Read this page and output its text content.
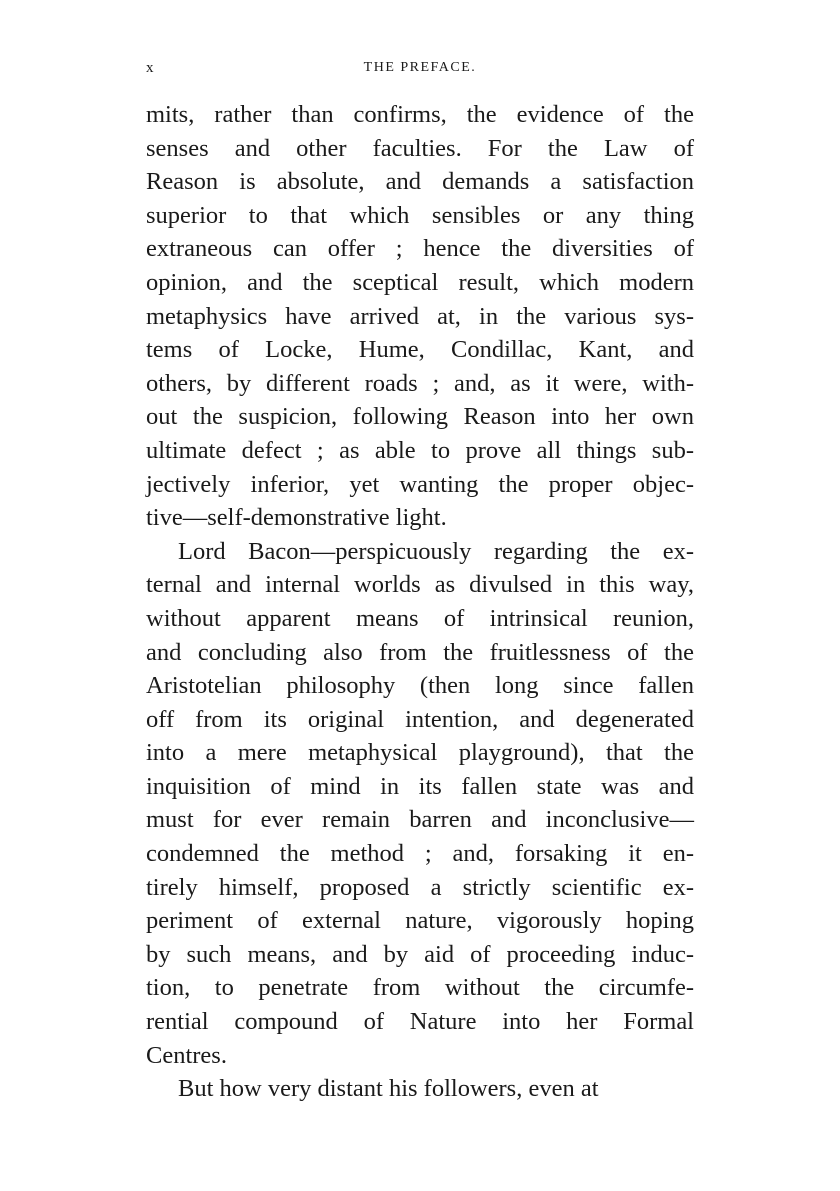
x	THE PREFACE.
mits, rather than confirms, the evidence of the
senses and other faculties. For the Law of
Reason is absolute, and demands a satisfaction
superior to that which sensibles or any thing
extraneous can offer ; hence the diversities of
opinion, and the sceptical result, which modern
metaphysics have arrived at, in the various sys-
tems of Locke, Hume, Condillac, Kant, and
others, by different roads ; and, as it were, with-
out the suspicion, following Reason into her own
ultimate defect ; as able to prove all things sub-
jectively inferior, yet wanting the proper objec-
tive—self-demonstrative light.
Lord Bacon—perspicuously regarding the ex-
ternal and internal worlds as divulsed in this way,
without apparent means of intrinsical reunion,
and concluding also from the fruitlessness of the
Aristotelian philosophy (then long since fallen
off from its original intention, and degenerated
into a mere metaphysical playground), that the
inquisition of mind in its fallen state was and
must for ever remain barren and inconclusive—
condemned the method ; and, forsaking it en-
tirely himself, proposed a strictly scientific ex-
periment of external nature, vigorously hoping
by such means, and by aid of proceeding induc-
tion, to penetrate from without the circumfe-
rential compound of Nature into her Formal
Centres.
But how very distant his followers, even at
